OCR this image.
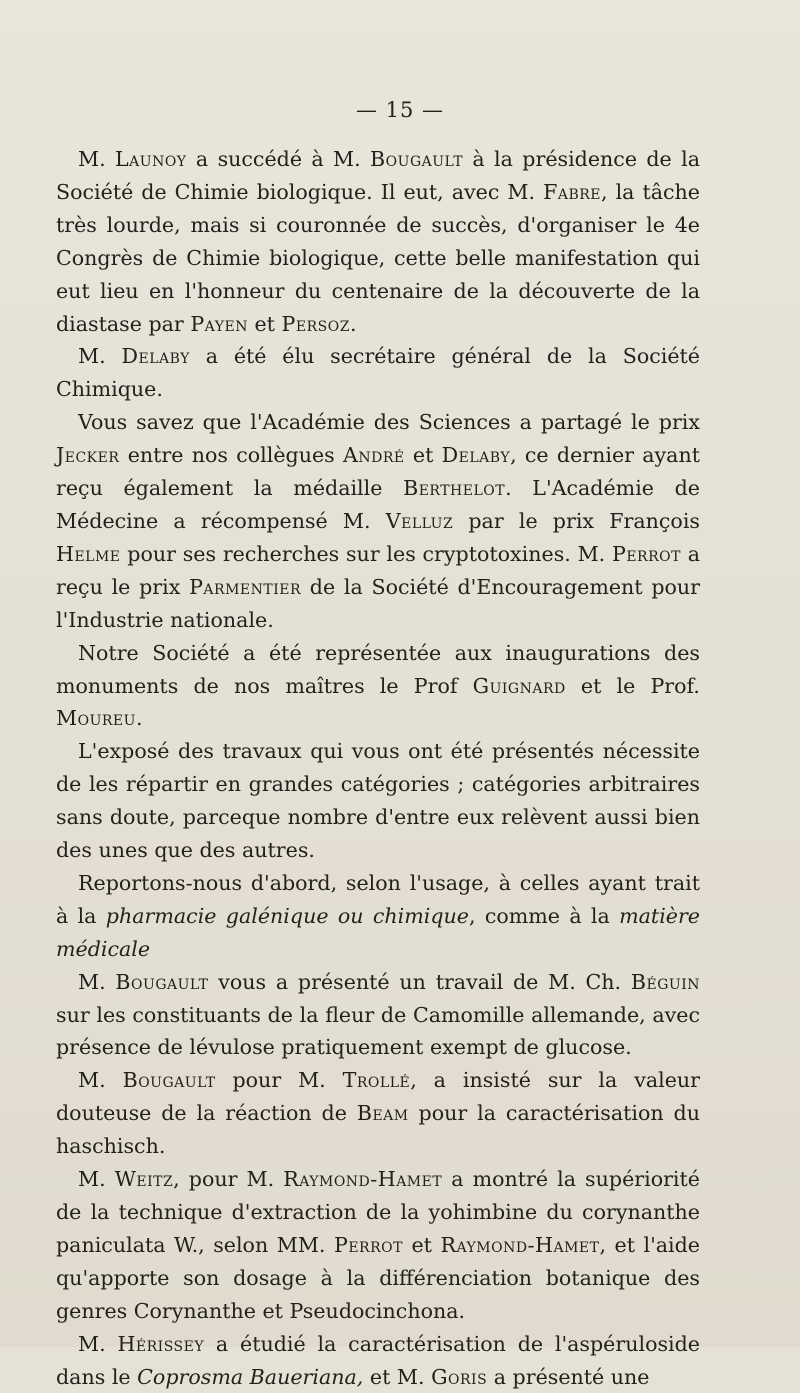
— 15 —

M. Launoy a succédé à M. Bougault à la présidence de la Société de Chimie biologique. Il eut, avec M. Fabre, la tâche très lourde, mais si couronnée de succès, d'organiser le 4e Congrès de Chimie biologique, cette belle manifestation qui eut lieu en l'honneur du centenaire de la découverte de la diastase par Payen et Persoz.

M. Delaby a été élu secrétaire général de la Société Chimique.

Vous savez que l'Académie des Sciences a partagé le prix Jecker entre nos collègues André et Delaby, ce dernier ayant reçu également la médaille Berthelot. L'Académie de Médecine a récompensé M. Velluz par le prix François Helme pour ses recherches sur les cryptotoxines. M. Perrot a reçu le prix Parmentier de la Société d'Encouragement pour l'Industrie nationale.

Notre Société a été représentée aux inaugurations des monuments de nos maîtres le Prof Guignard et le Prof. Moureu.

L'exposé des travaux qui vous ont été présentés nécessite de les répartir en grandes catégories ; catégories arbitraires sans doute, parceque nombre d'entre eux relèvent aussi bien des unes que des autres.

Reportons-nous d'abord, selon l'usage, à celles ayant trait à la pharmacie galénique ou chimique, comme à la matière médicale

M. Bougault vous a présenté un travail de M. Ch. Béguin sur les constituants de la fleur de Camomille allemande, avec présence de lévulose pratiquement exempt de glucose.

M. Bougault pour M. Trollé, a insisté sur la valeur douteuse de la réaction de Beam pour la caractérisation du haschisch.

M. Weitz, pour M. Raymond-Hamet a montré la supériorité de la technique d'extraction de la yohimbine du corynanthe paniculata W., selon MM. Perrot et Raymond-Hamet, et l'aide qu'apporte son dosage à la différenciation botanique des genres Corynanthe et Pseudocinchona.

M. Hérissey a étudié la caractérisation de l'aspéruloside dans le Coprosma Baueriana, et M. Goris a présenté une
